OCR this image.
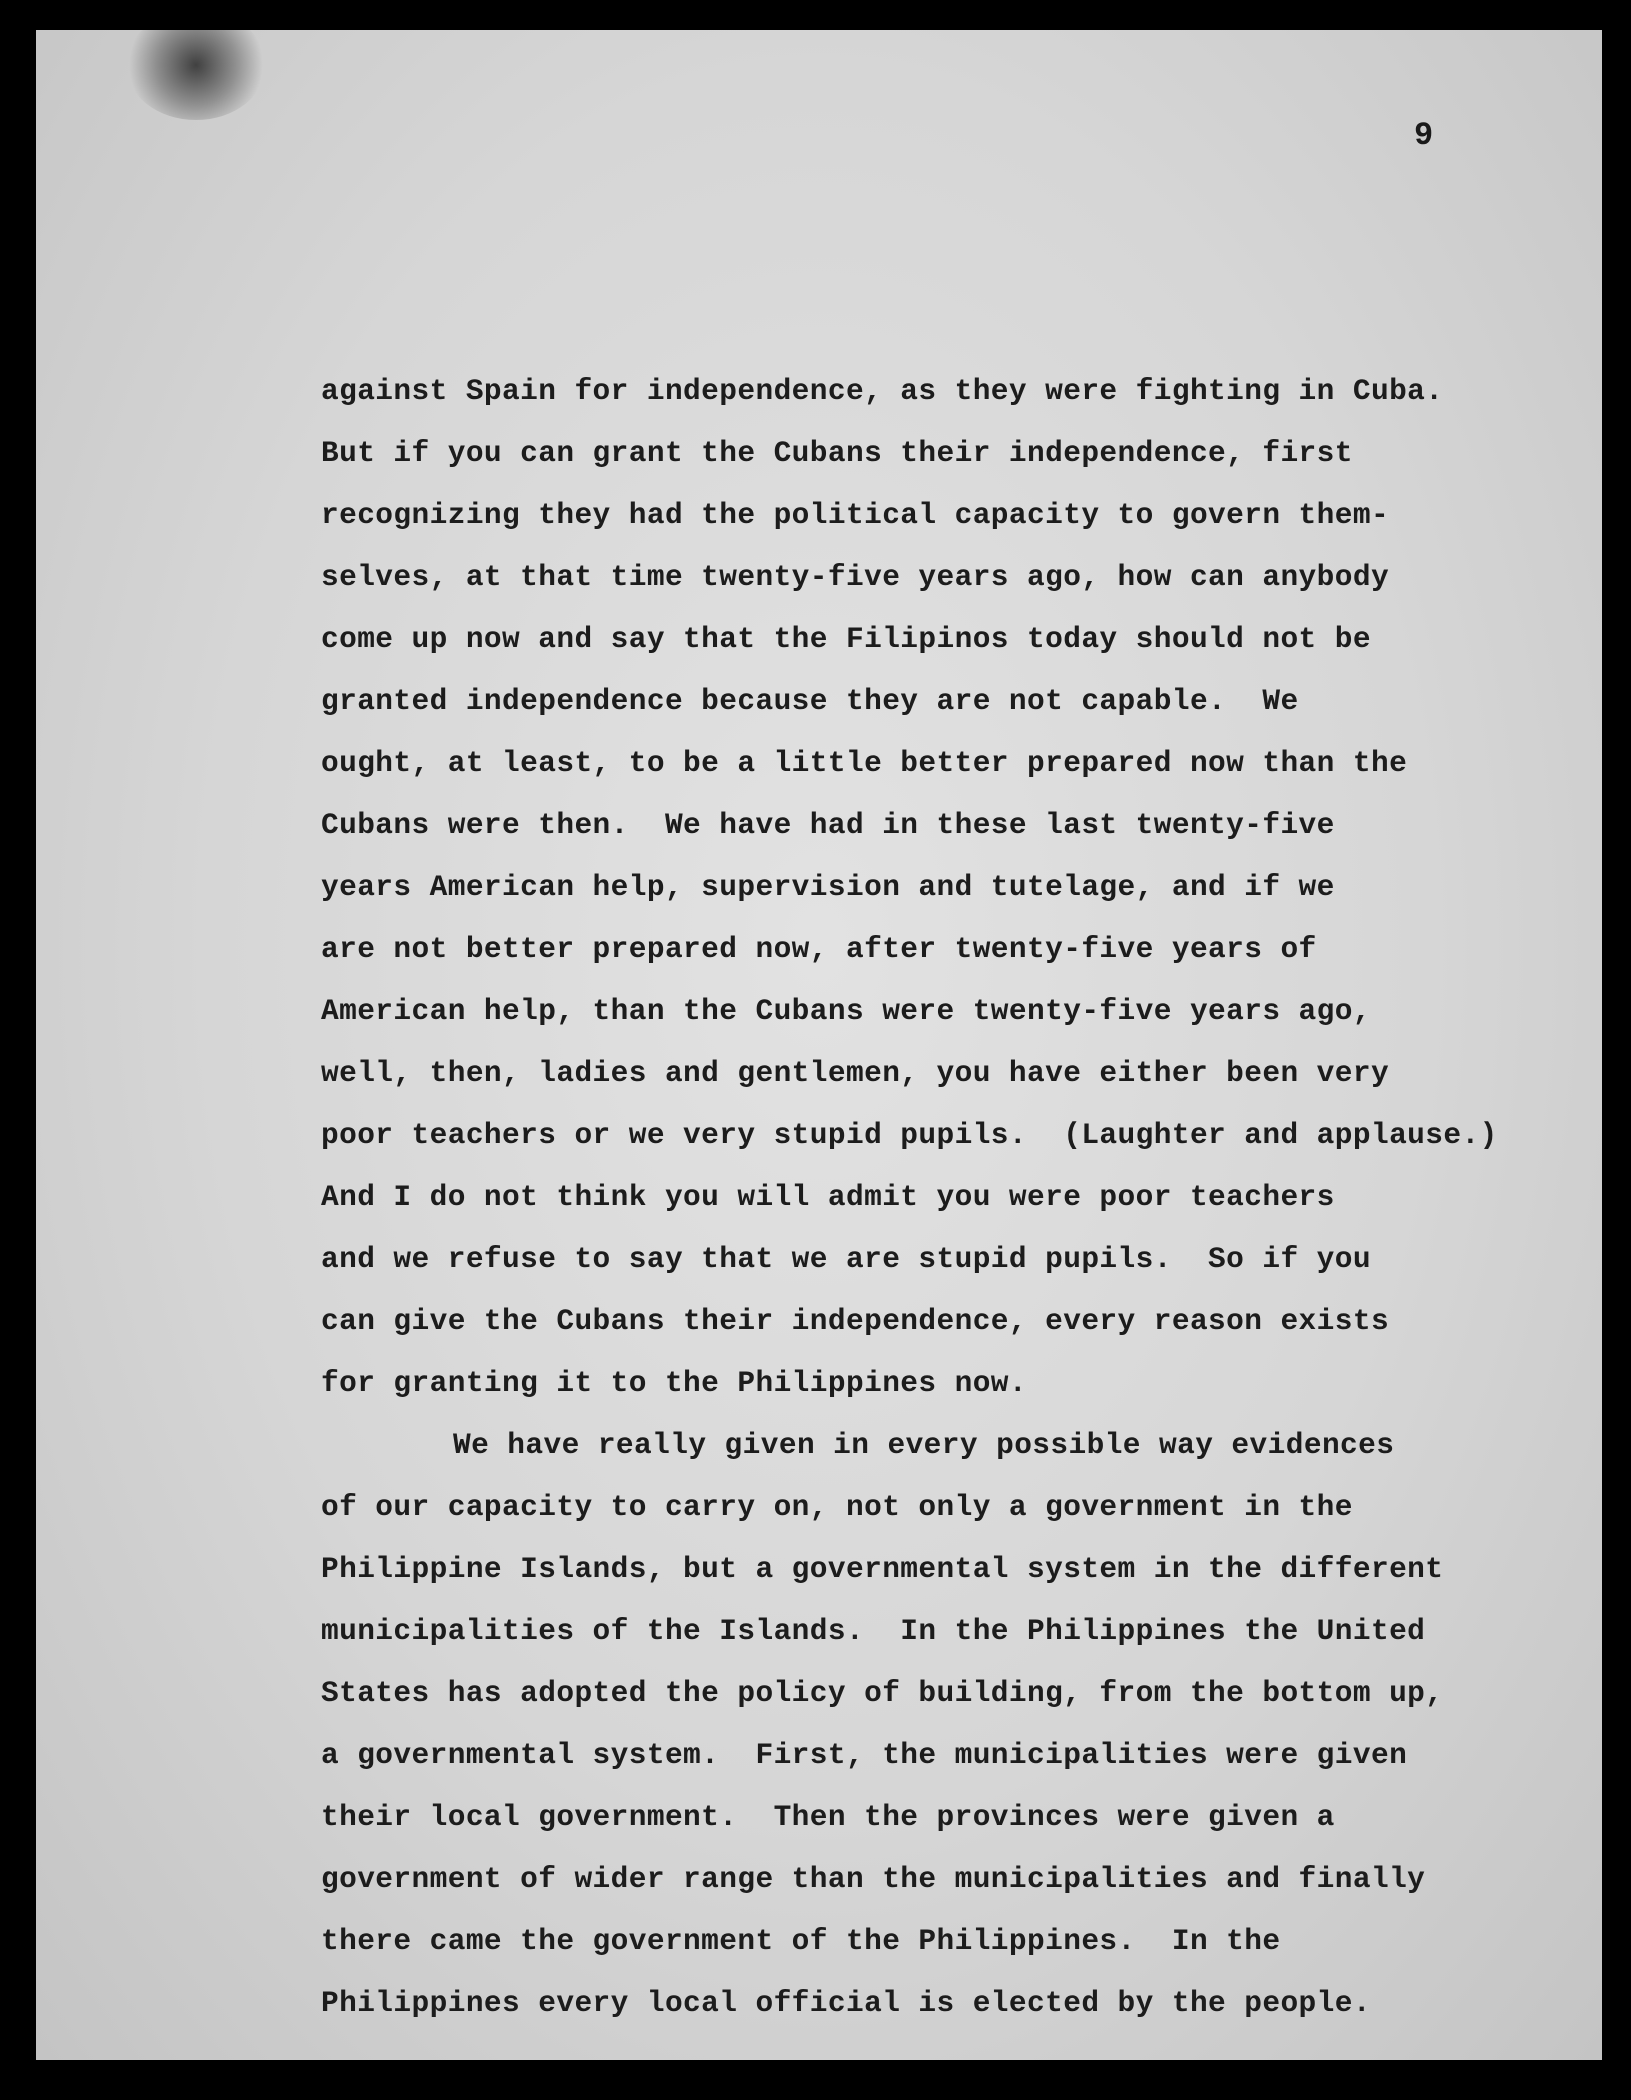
9
against Spain for independence, as they were fighting in Cuba.
But if you can grant the Cubans their independence, first
recognizing they had the political capacity to govern them-
selves, at that time twenty-five years ago, how can anybody
come up now and say that the Filipinos today should not be
granted independence because they are not capable.  We
ought, at least, to be a little better prepared now than the
Cubans were then.  We have had in these last twenty-five
years American help, supervision and tutelage, and if we
are not better prepared now, after twenty-five years of
American help, than the Cubans were twenty-five years ago,
well, then, ladies and gentlemen, you have either been very
poor teachers or we very stupid pupils.  (Laughter and applause.)
And I do not think you will admit you were poor teachers
and we refuse to say that we are stupid pupils.  So if you
can give the Cubans their independence, every reason exists
for granting it to the Philippines now.
We have really given in every possible way evidences
of our capacity to carry on, not only a government in the
Philippine Islands, but a governmental system in the different
municipalities of the Islands.  In the Philippines the United
States has adopted the policy of building, from the bottom up,
a governmental system.  First, the municipalities were given
their local government.  Then the provinces were given a
government of wider range than the municipalities and finally
there came the government of the Philippines.  In the
Philippines every local official is elected by the people.
